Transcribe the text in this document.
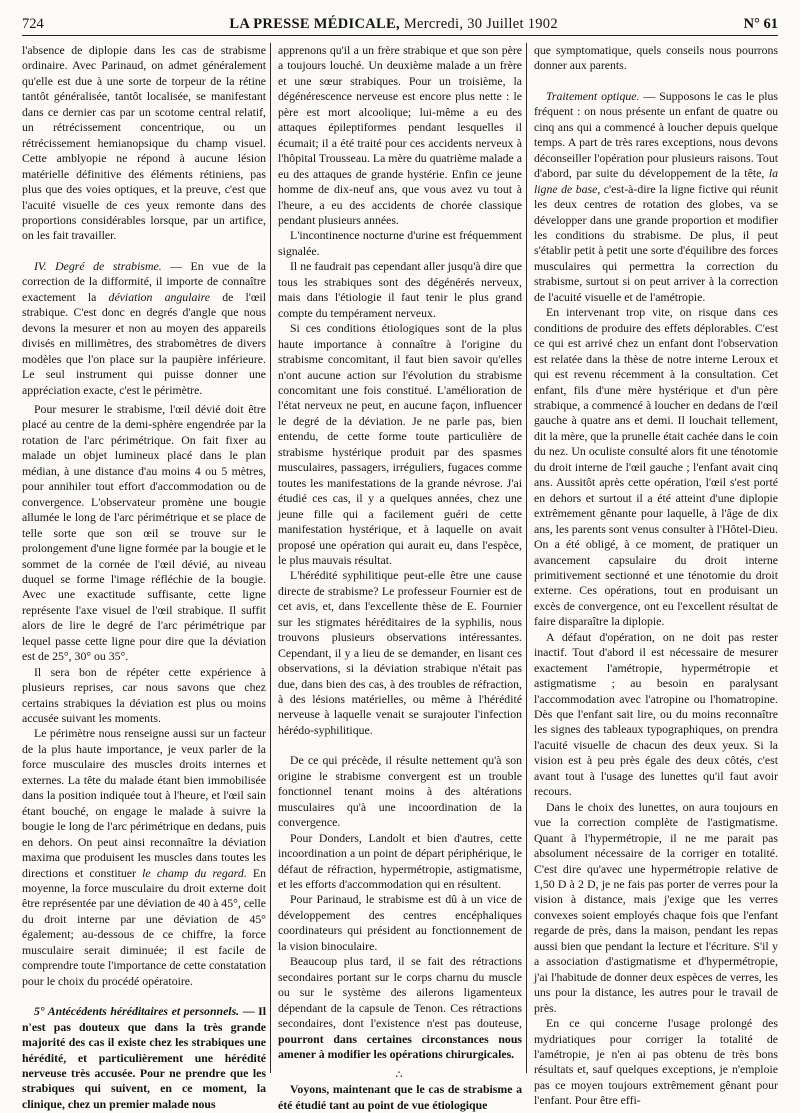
724	LA PRESSE MÉDICALE, Mercredi, 30 Juillet 1902	N° 61

l'absence de diplopie dans les cas de strabisme ordinaire. Avec Parinaud, on admet généralement qu'elle est due à une sorte de torpeur de la rétine tantôt généralisée, tantôt localisée, se manifestant dans ce dernier cas par un scotome central relatif, un rétrécissement concentrique, ou un rétrécissement hemianopsique du champ visuel. Cette amblyopie ne répond à aucune lésion matérielle définitive des éléments rétiniens, pas plus que des voies optiques, et la preuve, c'est que l'acuité visuelle de ces yeux remonte dans des proportions considérables lorsque, par un artifice, on les fait travailler.

IV. Degré de strabisme. — En vue de la correction de la difformité, il importe de connaître exactement la déviation angulaire de l'œil strabique. C'est donc en degrés d'angle que nous devons la mesurer et non au moyen des appareils divisés en millimètres, des strabomètres de divers modèles que l'on place sur la paupière inférieure. Le seul instrument qui puisse donner une appréciation exacte, c'est le périmètre.

Pour mesurer le strabisme, l'œil dévié doit être placé au centre de la demi-sphère engendrée par la rotation de l'arc périmétrique. On fait fixer au malade un objet lumineux placé dans le plan médian, à une distance d'au moins 4 ou 5 mètres, pour annihiler tout effort d'accommodation ou de convergence. L'observateur promène une bougie allumée le long de l'arc périmétrique et se place de telle sorte que son œil se trouve sur le prolongement d'une ligne formée par la bougie et le sommet de la cornée de l'œil dévié, au niveau duquel se forme l'image réfléchie de la bougie. Avec une exactitude suffisante, cette ligne représente l'axe visuel de l'œil strabique. Il suffit alors de lire le degré de l'arc périmétrique par lequel passe cette ligne pour dire que la déviation est de 25°, 30° ou 35°.

Il sera bon de répéter cette expérience à plusieurs reprises, car nous savons que chez certains strabiques la déviation est plus ou moins accusée suivant les moments.

Le périmètre nous renseigne aussi sur un facteur de la plus haute importance, je veux parler de la force musculaire des muscles droits internes et externes. La tête du malade étant bien immobilisée dans la position indiquée tout à l'heure, et l'œil sain étant bouché, on engage le malade à suivre la bougie le long de l'arc périmétrique en dedans, puis en dehors. On peut ainsi reconnaître la déviation maxima que produisent les muscles dans toutes les directions et constituer le champ du regard. En moyenne, la force musculaire du droit externe doit être représentée par une déviation de 40 à 45°, celle du droit interne par une déviation de 45° également; au-dessous de ce chiffre, la force musculaire serait diminuée; il est facile de comprendre toute l'importance de cette constatation pour le choix du procédé opératoire.

5° Antécédents héréditaires et personnels. — Il n'est pas douteux que dans la très grande majorité des cas il existe chez les strabiques une hérédité, et particulièrement une hérédité nerveuse très accusée. Pour ne prendre que les strabiques qui suivent, en ce moment, la clinique, chez un premier malade nous

apprenons qu'il a un frère strabique et que son père a toujours louché. Un deuxième malade a un frère et une sœur strabiques. Pour un troisième, la dégénérescence nerveuse est encore plus nette : le père est mort alcoolique; lui-même a eu des attaques épileptiformes pendant lesquelles il écumait; il a été traité pour ces accidents nerveux à l'hôpital Trousseau. La mère du quatrième malade a eu des attaques de grande hystérie. Enfin ce jeune homme de dix-neuf ans, que vous avez vu tout à l'heure, a eu des accidents de chorée classique pendant plusieurs années.

L'incontinence nocturne d'urine est fréquemment signalée.

Il ne faudrait pas cependant aller jusqu'à dire que tous les strabiques sont des dégénérés nerveux, mais dans l'étiologie il faut tenir le plus grand compte du tempérament nerveux.

Si ces conditions étiologiques sont de la plus haute importance à connaître à l'origine du strabisme concomitant, il faut bien savoir qu'elles n'ont aucune action sur l'évolution du strabisme concomitant une fois constitué. L'amélioration de l'état nerveux ne peut, en aucune façon, influencer le degré de la déviation. Je ne parle pas, bien entendu, de cette forme toute particulière de strabisme hystérique produit par des spasmes musculaires, passagers, irréguliers, fugaces comme toutes les manifestations de la grande névrose. J'ai étudié ces cas, il y a quelques années, chez une jeune fille qui a facilement guéri de cette manifestation hystérique, et à laquelle on avait proposé une opération qui aurait eu, dans l'espèce, le plus mauvais résultat.

L'hérédité syphilitique peut-elle être une cause directe de strabisme? Le professeur Fournier est de cet avis, et, dans l'excellente thèse de E. Fournier sur les stigmates héréditaires de la syphilis, nous trouvons plusieurs observations intéressantes. Cependant, il y a lieu de se demander, en lisant ces observations, si la déviation strabique n'était pas due, dans bien des cas, à des troubles de réfraction, à des lésions matérielles, ou même à l'hérédité nerveuse à laquelle venait se surajouter l'infection hérédo-syphilitique.

De ce qui précède, il résulte nettement qu'à son origine le strabisme convergent est un trouble fonctionnel tenant moins à des altérations musculaires qu'à une incoordination de la convergence.

Pour Donders, Landolt et bien d'autres, cette incoordination a un point de départ périphérique, le défaut de réfraction, hypermétropie, astigmatisme, et les efforts d'accommodation qui en résultent.

Pour Parinaud, le strabisme est dû à un vice de développement des centres encéphaliques coordinateurs qui président au fonctionnement de la vision binoculaire.

Beaucoup plus tard, il se fait des rétractions secondaires portant sur le corps charnu du muscle ou sur le système des ailerons ligamenteux dépendant de la capsule de Tenon. Ces rétractions secondaires, dont l'existence n'est pas douteuse, pourront dans certaines circonstances nous amener à modifier les opérations chirurgicales.

∴

Voyons, maintenant que le cas de strabisme a été étudié tant au point de vue étiologique

que symptomatique, quels conseils nous pourrons donner aux parents.

Traitement optique. — Supposons le cas le plus fréquent : on nous présente un enfant de quatre ou cinq ans qui a commencé à loucher depuis quelque temps. A part de très rares exceptions, nous devons déconseiller l'opération pour plusieurs raisons. Tout d'abord, par suite du développement de la tête, la ligne de base, c'est-à-dire la ligne fictive qui réunit les deux centres de rotation des globes, va se développer dans une grande proportion et modifier les conditions du strabisme. De plus, il peut s'établir petit à petit une sorte d'équilibre des forces musculaires qui permettra la correction du strabisme, surtout si on peut arriver à la correction de l'acuité visuelle et de l'amétropie.

En intervenant trop vite, on risque dans ces conditions de produire des effets déplorables. C'est ce qui est arrivé chez un enfant dont l'observation est relatée dans la thèse de notre interne Leroux et qui est revenu récemment à la consultation. Cet enfant, fils d'une mère hystérique et d'un père strabique, a commencé à loucher en dedans de l'œil gauche à quatre ans et demi. Il louchait tellement, dit la mère, que la prunelle était cachée dans le coin du nez. Un oculiste consulté alors fit une ténotomie du droit interne de l'œil gauche ; l'enfant avait cinq ans. Aussitôt après cette opération, l'œil s'est porté en dehors et surtout il a été atteint d'une diplopie extrêmement gênante pour laquelle, à l'âge de dix ans, les parents sont venus consulter à l'Hôtel-Dieu. On a été obligé, à ce moment, de pratiquer un avancement capsulaire du droit interne primitivement sectionné et une ténotomie du droit externe. Ces opérations, tout en produisant un excès de convergence, ont eu l'excellent résultat de faire disparaître la diplopie.

A défaut d'opération, on ne doit pas rester inactif. Tout d'abord il est nécessaire de mesurer exactement l'amétropie, hypermétropie et astigmatisme ; au besoin en paralysant l'accommodation avec l'atropine ou l'homatropine. Dès que l'enfant sait lire, ou du moins reconnaître les signes des tableaux typographiques, on prendra l'acuité visuelle de chacun des deux yeux. Si la vision est à peu près égale des deux côtés, c'est avant tout à l'usage des lunettes qu'il faut avoir recours.

Dans le choix des lunettes, on aura toujours en vue la correction complète de l'astigmatisme. Quant à l'hypermétropie, il ne me parait pas absolument nécessaire de la corriger en totalité. C'est dire qu'avec une hypermétropie relative de 1,50 D à 2 D, je ne fais pas porter de verres pour la vision à distance, mais j'exige que les verres convexes soient employés chaque fois que l'enfant regarde de près, dans la maison, pendant les repas aussi bien que pendant la lecture et l'écriture. S'il y a association d'astigmatisme et d'hypermétropie, j'ai l'habitude de donner deux espèces de verres, les uns pour la distance, les autres pour le travail de près.

En ce qui concerne l'usage prolongé des mydriatiques pour corriger la totalité de l'amétropie, je n'en ai pas obtenu de très bons résultats et, sauf quelques exceptions, je n'emploie pas ce moyen toujours extrêmement gênant pour l'enfant. Pour être effi-
